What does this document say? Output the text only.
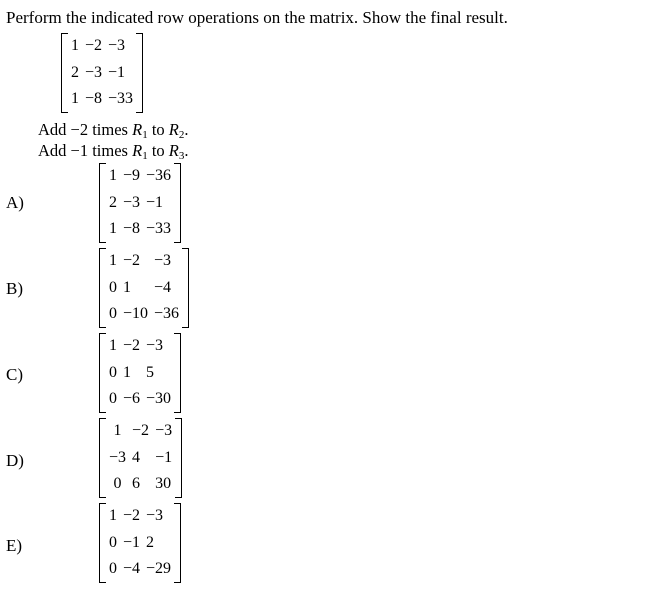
Perform the indicated row operations on the matrix. Show the final result.
1	−2	−3
2	−3	−1
1	−8	−33
Add −2 times $R_1$ to $R_2$.
Add −1 times $R_1$ to $R_3$.
A)
1	−9	−36
2	−3	−1
1	−8	−33
B)
1	−2	−3
0	1	−4
0	−10	−36
C)
1	−2	−3
0	1	5
0	−6	−30
D)
1	−2	−3
−3	4	−1
0	6	30
E)
1	−2	−3
0	−1	2
0	−4	−29
